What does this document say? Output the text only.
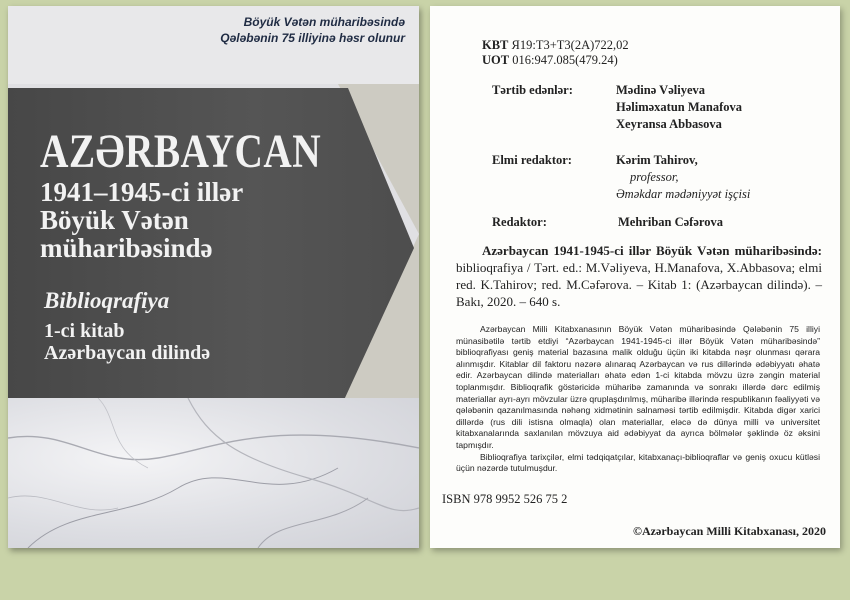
Böyük Vətən müharibəsində
Qələbənin 75 illiyinə həsr olunur
AZƏRBAYCAN
1941–1945-ci illər
Böyük Vətən
müharibəsində
Biblioqrafiya
1-ci kitab
Azərbaycan dilində
KBT Я19:T3+T3(2A)722,02
UOT 016:947.085(479.24)
Tərtib edənlər:	Mədinə Vəliyeva
Həliməxatun Manafova
Xeyransa Abbasova
Elmi redaktor:	Kərim Tahirov,
professor,
Əməkdar mədəniyyət işçisi
Redaktor:	Mehriban Cəfərova
Azərbaycan 1941-1945-ci illər Böyük Vətən müharibəsində: biblioqrafiya / Tərt. ed.: M.Vəliyeva, H.Manafova, X.Abbasova; elmi red. K.Tahirov; red. M.Cəfərova. – Kitab 1: (Azərbaycan dilində). – Bakı, 2020. – 640 s.

Azərbaycan Milli Kitabxanasının Böyük Vətən müharibəsində Qələbənin 75 illiyi münasibətilə tərtib etdiyi “Azərbaycan 1941-1945-ci illər Böyük Vətən müharibəsində” biblioqrafiyası geniş material bazasına malik olduğu üçün iki kitabda nəşr olunması qərara alınmışdır. Kitablar dil faktoru nəzərə alınaraq Azərbaycan və rus dillərində ədəbiyyatı əhatə edir. Azərbaycan dilində materialları əhatə edən 1-ci kitabda mövzu üzrə zəngin material toplanmışdır. Biblioqrafik göstəricidə müharibə zamanında və sonrakı illərdə dərc edilmiş materiallar ayrı-ayrı mövzular üzrə qruplaşdırılmış, müharibə illərində respublikanın fəaliyyəti və qələbənin qazanılmasında nəhəng xidmətinin salnaməsi tərtib edilmişdir. Kitabda digər xarici dillərdə (rus dili istisna olmaqla) olan materiallar, eləcə də dünya milli və universitet kitabxanalarında saxlanılan mövzuya aid ədəbiyyat da ayrıca bölmələr şəklində öz əksini tapmışdır.

Biblioqrafiya tarixçilər, elmi tədqiqatçılar, kitabxanaçı-biblioqraflar və geniş oxucu kütləsi üçün nəzərdə tutulmuşdur.

ISBN 978 9952 526 75 2
©Azərbaycan Milli Kitabxanası, 2020
